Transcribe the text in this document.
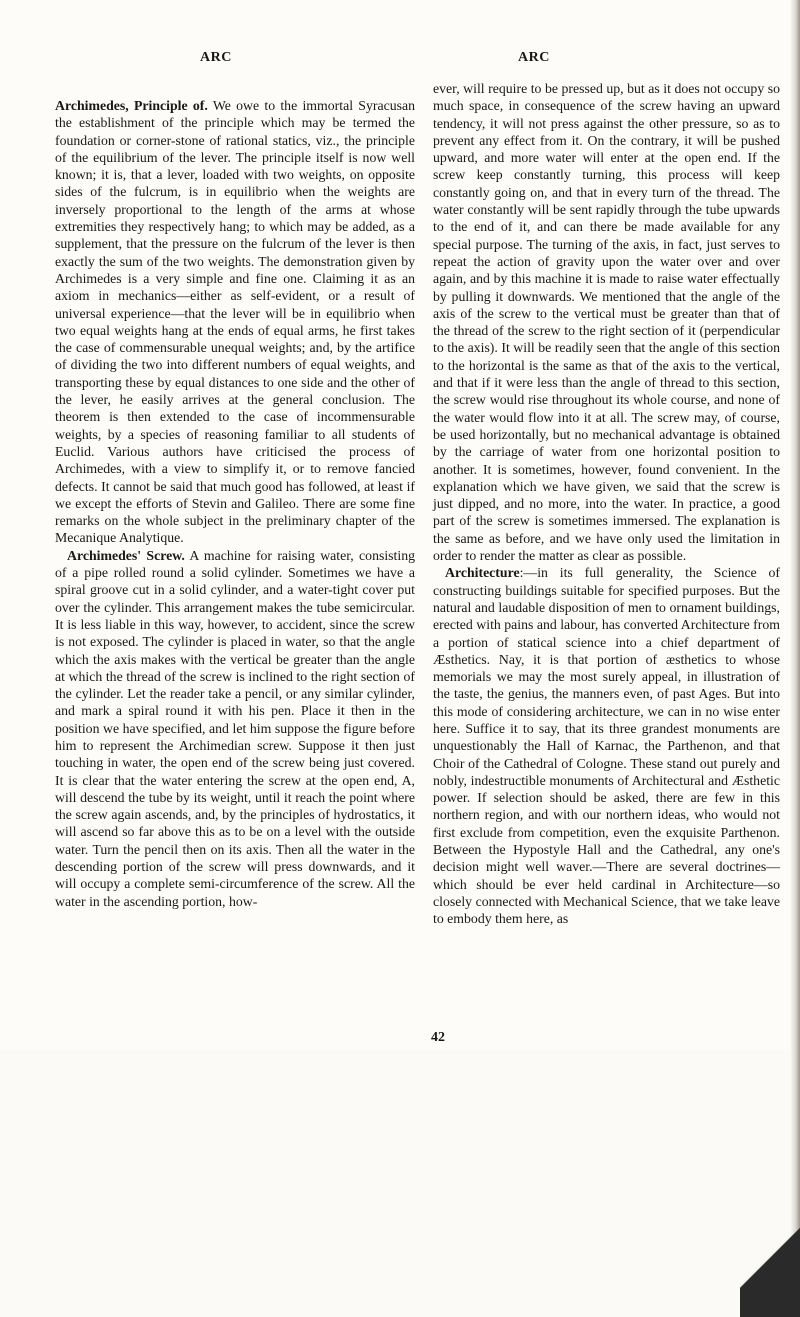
ARC	ARC

Archimedes, Principle of. We owe to the immortal Syracusan the establishment of the principle which may be termed the foundation or corner-stone of rational statics, viz., the principle of the equilibrium of the lever. The principle itself is now well known; it is, that a lever, loaded with two weights, on opposite sides of the fulcrum, is in equilibrio when the weights are inversely proportional to the length of the arms at whose extremities they respectively hang; to which may be added, as a supplement, that the pressure on the fulcrum of the lever is then exactly the sum of the two weights. The demonstration given by Archimedes is a very simple and fine one. Claiming it as an axiom in mechanics—either as self-evident, or a result of universal experience—that the lever will be in equilibrio when two equal weights hang at the ends of equal arms, he first takes the case of commensurable unequal weights; and, by the artifice of dividing the two into different numbers of equal weights, and transporting these by equal distances to one side and the other of the lever, he easily arrives at the general conclusion. The theorem is then extended to the case of incommensurable weights, by a species of reasoning familiar to all students of Euclid. Various authors have criticised the process of Archimedes, with a view to simplify it, or to remove fancied defects. It cannot be said that much good has followed, at least if we except the efforts of Stevin and Galileo. There are some fine remarks on the whole subject in the preliminary chapter of the Mecanique Analytique.

Archimedes' Screw. A machine for raising water, consisting of a pipe rolled round a solid cylinder. Sometimes we have a spiral groove cut in a solid cylinder, and a water-tight cover put over the cylinder. This arrangement makes the tube semicircular. It is less liable in this way, however, to accident, since the screw is not exposed. The cylinder is placed in water, so that the angle which the axis makes with the vertical be greater than the angle at which the thread of the screw is inclined to the right section of the cylinder. Let the reader take a pencil, or any similar cylinder, and mark a spiral round it with his pen. Place it then in the position we have specified, and let him suppose the figure before him to represent the Archimedian screw. Suppose it then just touching in water, the open end of the screw being just covered. It is clear that the water entering the screw at the open end, A, will descend the tube by its weight, until it reach the point where the screw again ascends, and, by the principles of hydrostatics, it will ascend so far above this as to be on a level with the outside water. Turn the pencil then on its axis. Then all the water in the descending portion of the screw will press downwards, and it will occupy a complete semi-circumference of the screw. All the water in the ascending portion, how-

ever, will require to be pressed up, but as it does not occupy so much space, in consequence of the screw having an upward tendency, it will not press against the other pressure, so as to prevent any effect from it. On the contrary, it will be pushed upward, and more water will enter at the open end. If the screw keep constantly turning, this process will keep constantly going on, and that in every turn of the thread. The water constantly will be sent rapidly through the tube upwards to the end of it, and can there be made available for any special purpose. The turning of the axis, in fact, just serves to repeat the action of gravity upon the water over and over again, and by this machine it is made to raise water effectually by pulling it downwards. We mentioned that the angle of the axis of the screw to the vertical must be greater than that of the thread of the screw to the right section of it (perpendicular to the axis). It will be readily seen that the angle of this section to the horizontal is the same as that of the axis to the vertical, and that if it were less than the angle of thread to this section, the screw would rise throughout its whole course, and none of the water would flow into it at all. The screw may, of course, be used horizontally, but no mechanical advantage is obtained by the carriage of water from one horizontal position to another. It is sometimes, however, found convenient. In the explanation which we have given, we said that the screw is just dipped, and no more, into the water. In practice, a good part of the screw is sometimes immersed. The explanation is the same as before, and we have only used the limitation in order to render the matter as clear as possible.

Architecture:—in its full generality, the Science of constructing buildings suitable for specified purposes. But the natural and laudable disposition of men to ornament buildings, erected with pains and labour, has converted Architecture from a portion of statical science into a chief department of Æsthetics. Nay, it is that portion of æsthetics to whose memorials we may the most surely appeal, in illustration of the taste, the genius, the manners even, of past Ages. But into this mode of considering architecture, we can in no wise enter here. Suffice it to say, that its three grandest monuments are unquestionably the Hall of Karnac, the Parthenon, and that Choir of the Cathedral of Cologne. These stand out purely and nobly, indestructible monuments of Architectural and Æsthetic power. If selection should be asked, there are few in this northern region, and with our northern ideas, who would not first exclude from competition, even the exquisite Parthenon. Between the Hypostyle Hall and the Cathedral, any one's decision might well waver.—There are several doctrines—which should be ever held cardinal in Architecture—so closely connected with Mechanical Science, that we take leave to embody them here, as

42
